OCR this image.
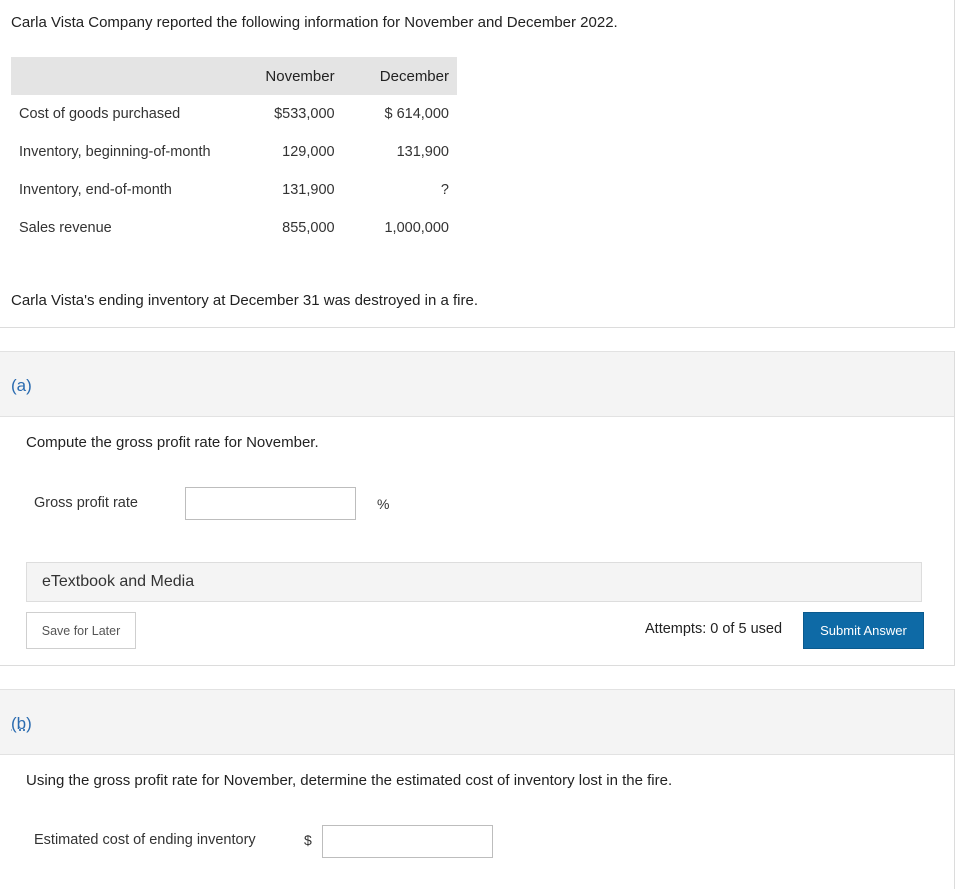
Carla Vista Company reported the following information for November and December 2022.
	November	December
Cost of goods purchased	$533,000	$ 614,000
Inventory, beginning-of-month	129,000	131,900
Inventory, end-of-month	131,900	?
Sales revenue	855,000	1,000,000
Carla Vista's ending inventory at December 31 was destroyed in a fire.
(a)
Compute the gross profit rate for November.
Gross profit rate	%
eTextbook and Media
Save for Later	Attempts: 0 of 5 used	Submit Answer
(b)
Using the gross profit rate for November, determine the estimated cost of inventory lost in the fire.
Estimated cost of ending inventory	$
